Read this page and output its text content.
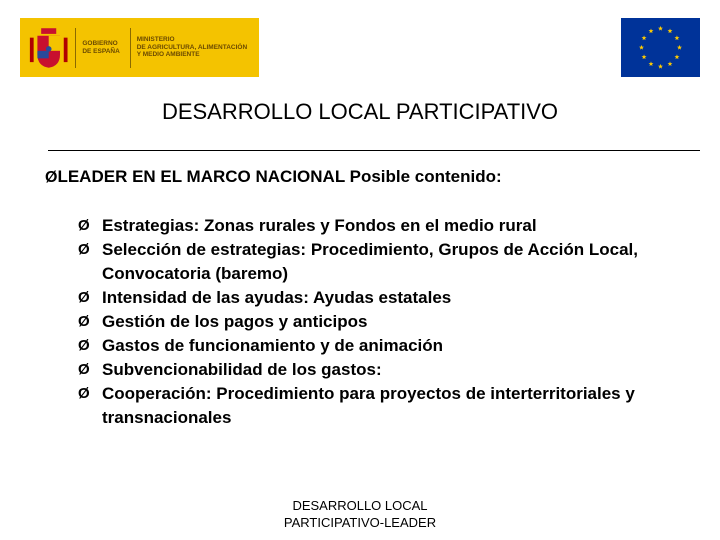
GOBIERNO
DE ESPAÑA
MINISTERIO
DE AGRICULTURA, ALIMENTACIÓN
Y MEDIO AMBIENTE
DESARROLLO LOCAL PARTICIPATIVO
ØLEADER EN EL MARCO NACIONAL Posible contenido:
Ø Estrategias: Zonas rurales y Fondos en el medio rural
Ø Selección de estrategias: Procedimiento, Grupos de Acción Local, Convocatoria (baremo)
Ø Intensidad de las ayudas: Ayudas estatales
Ø Gestión de los pagos y anticipos
Ø Gastos de funcionamiento y de animación
Ø Subvencionabilidad de los gastos:
Ø Cooperación: Procedimiento para proyectos de interterritoriales y transnacionales
DESARROLLO LOCAL
PARTICIPATIVO-LEADER
